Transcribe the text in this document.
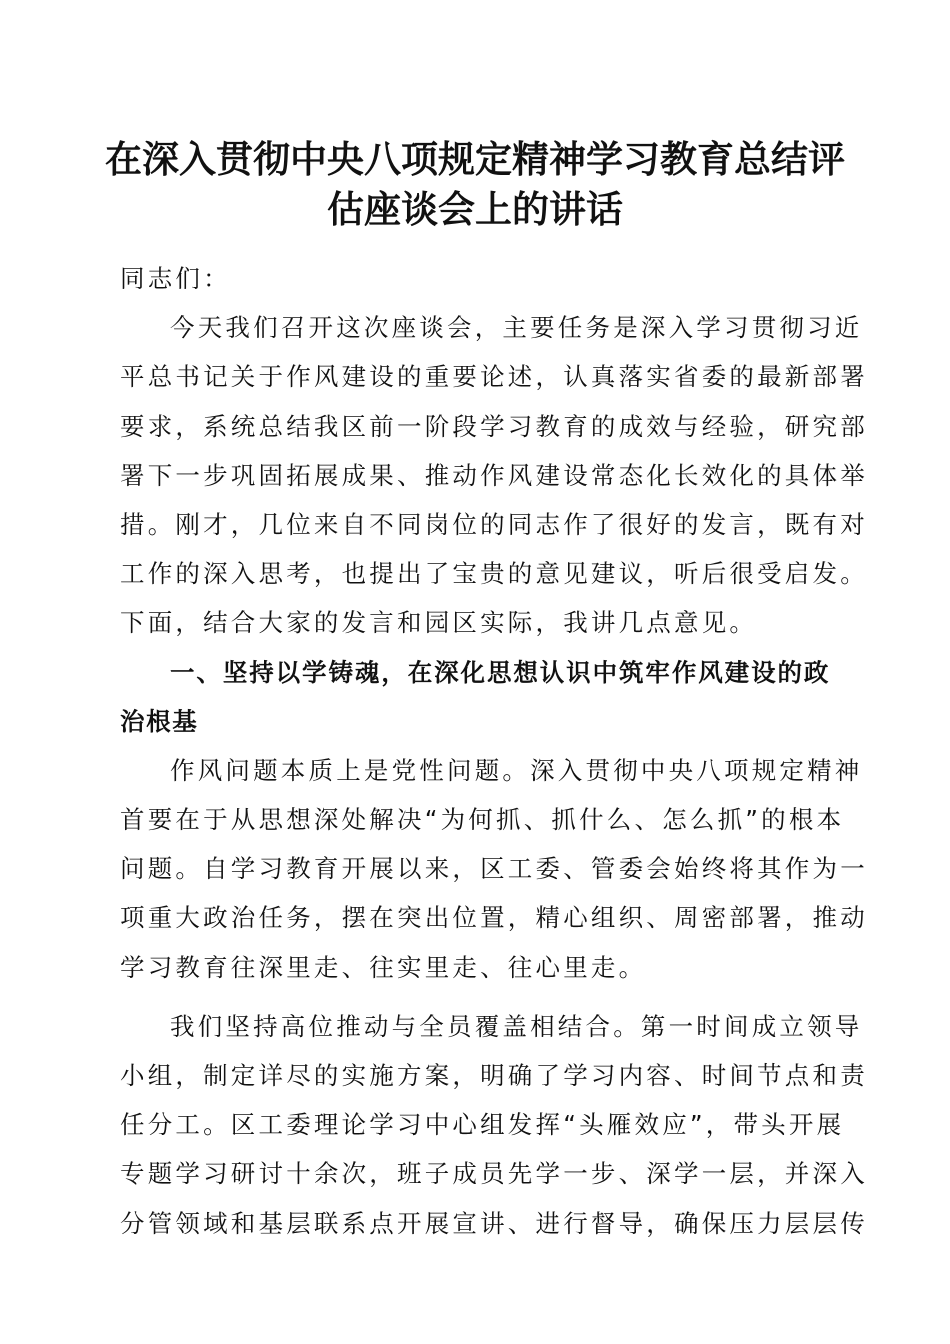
在深入贯彻中央八项规定精神学习教育总结评
估座谈会上的讲话
同志们：
今天我们召开这次座谈会，主要任务是深入学习贯彻习近
平总书记关于作风建设的重要论述，认真落实省委的最新部署
要求，系统总结我区前一阶段学习教育的成效与经验，研究部
署下一步巩固拓展成果、推动作风建设常态化长效化的具体举
措。刚才，几位来自不同岗位的同志作了很好的发言，既有对
工作的深入思考，也提出了宝贵的意见建议，听后很受启发。
下面，结合大家的发言和园区实际，我讲几点意见。
一、坚持以学铸魂，在深化思想认识中筑牢作风建设的政
治根基
作风问题本质上是党性问题。深入贯彻中央八项规定精神
首要在于从思想深处解决“为何抓、抓什么、怎么抓”的根本
问题。自学习教育开展以来，区工委、管委会始终将其作为一
项重大政治任务，摆在突出位置，精心组织、周密部署，推动
学习教育往深里走、往实里走、往心里走。
我们坚持高位推动与全员覆盖相结合。第一时间成立领导
小组，制定详尽的实施方案，明确了学习内容、时间节点和责
任分工。区工委理论学习中心组发挥“头雁效应”，带头开展
专题学习研讨十余次，班子成员先学一步、深学一层，并深入
分管领域和基层联系点开展宣讲、进行督导，确保压力层层传
